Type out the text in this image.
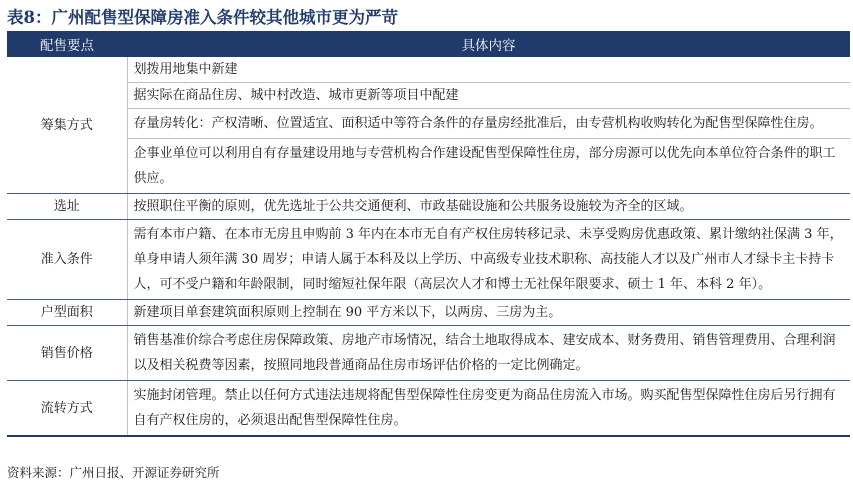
表8：广州配售型保障房准入条件较其他城市更为严苛
配售要点	具体内容
筹集方式	划拨用地集中新建
	据实际在商品住房、城中村改造、城市更新等项目中配建
	存量房转化：产权清晰、位置适宜、面积适中等符合条件的存量房经批准后，由专营机构收购转化为配售型保障性住房。
	企事业单位可以利用自有存量建设用地与专营机构合作建设配售型保障性住房，部分房源可以优先向本单位符合条件的职工供应。
选址	按照职住平衡的原则，优先选址于公共交通便利、市政基础设施和公共服务设施较为齐全的区域。
准入条件	需有本市户籍、在本市无房且申购前 3 年内在本市无自有产权住房转移记录、未享受购房优惠政策、累计缴纳社保满 3 年，单身申请人须年满 30 周岁；申请人属于本科及以上学历、中高级专业技术职称、高技能人才以及广州市人才绿卡主卡持卡人，可不受户籍和年龄限制，同时缩短社保年限（高层次人才和博士无社保年限要求、硕士 1 年、本科 2 年）。
户型面积	新建项目单套建筑面积原则上控制在 90 平方米以下，以两房、三房为主。
销售价格	销售基准价综合考虑住房保障政策、房地产市场情况，结合土地取得成本、建安成本、财务费用、销售管理费用、合理利润以及相关税费等因素，按照同地段普通商品住房市场评估价格的一定比例确定。
流转方式	实施封闭管理。禁止以任何方式违法违规将配售型保障性住房变更为商品住房流入市场。购买配售型保障性住房后另行拥有自有产权住房的，必须退出配售型保障性住房。
资料来源：广州日报、开源证券研究所
